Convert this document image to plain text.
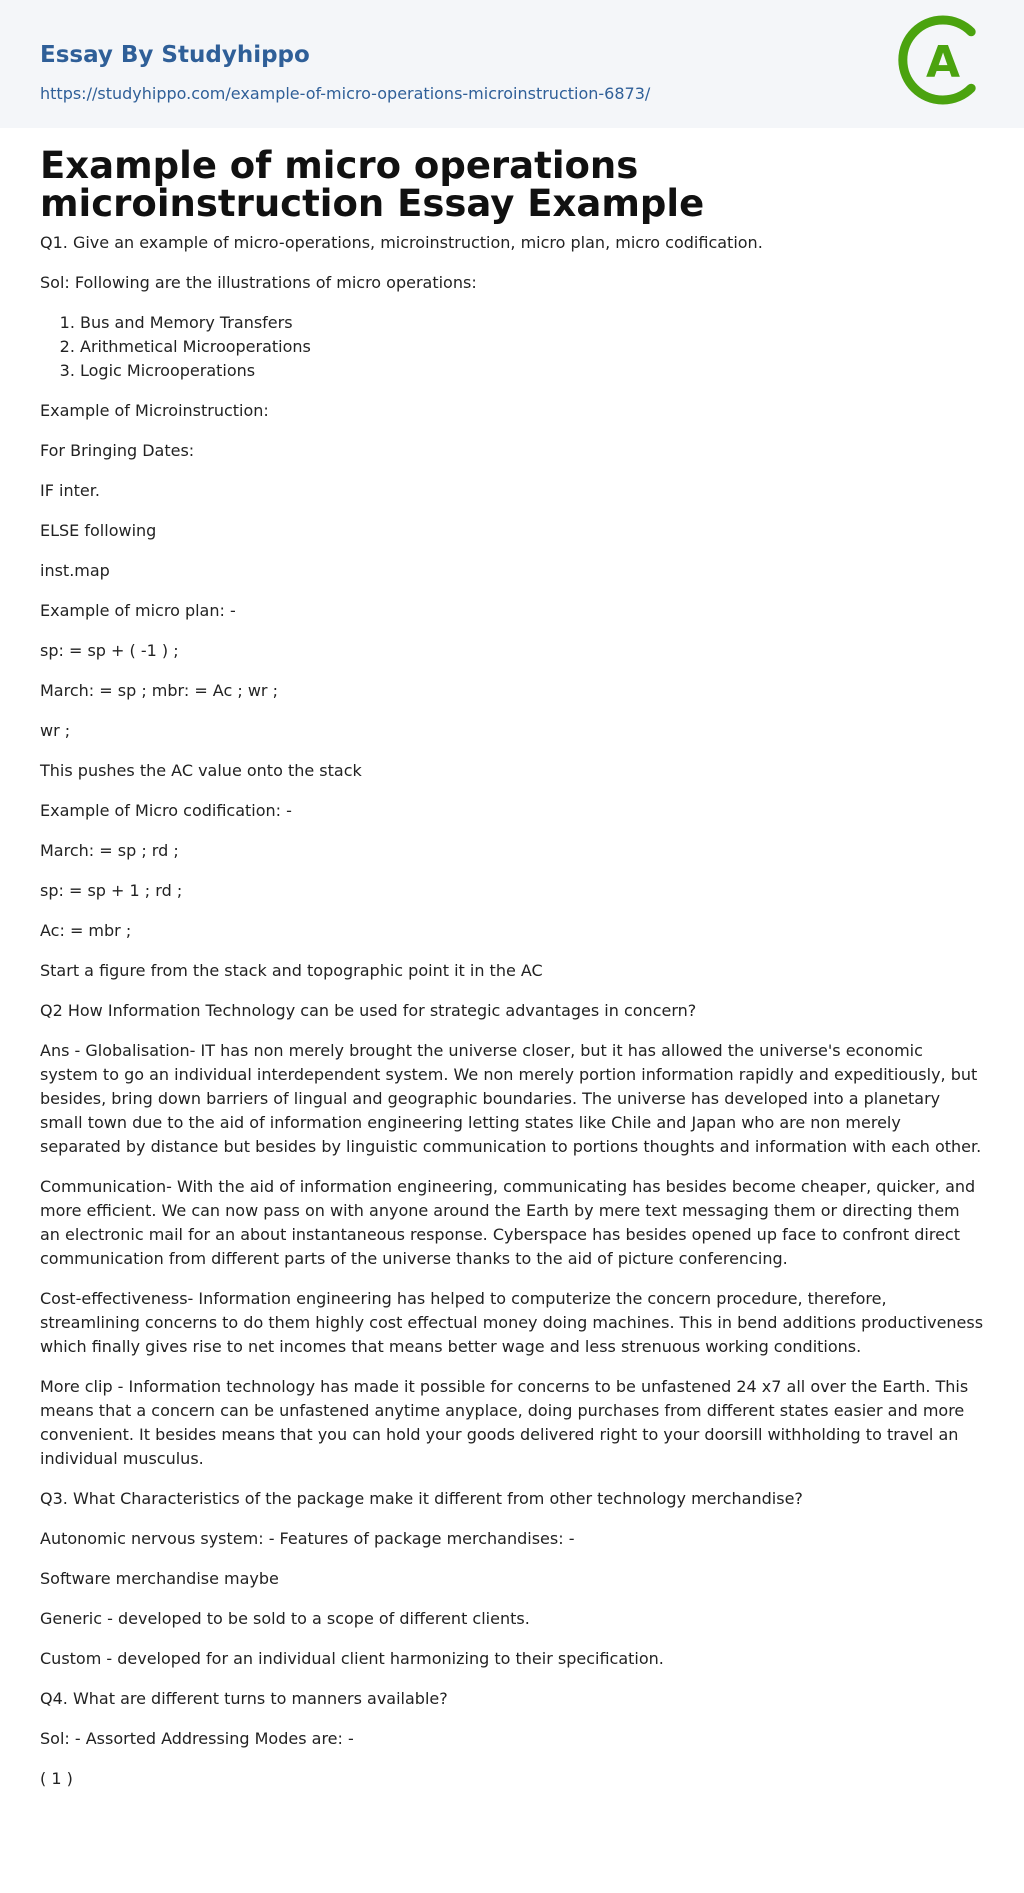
Essay By Studyhippo
https://studyhippo.com/example-of-micro-operations-microinstruction-6873/
A
Example of micro operations microinstruction Essay Example

Q1. Give an example of micro-operations, microinstruction, micro plan, micro codification.

Sol: Following are the illustrations of micro operations:

1. Bus and Memory Transfers
2. Arithmetical Microoperations
3. Logic Microoperations

Example of Microinstruction:

For Bringing Dates:

IF inter.

ELSE following

inst.map

Example of micro plan: -

sp: = sp + ( -1 ) ;

March: = sp ; mbr: = Ac ; wr ;

wr ;

This pushes the AC value onto the stack

Example of Micro codification: -

March: = sp ; rd ;

sp: = sp + 1 ; rd ;

Ac: = mbr ;

Start a figure from the stack and topographic point it in the AC

Q2 How Information Technology can be used for strategic advantages in concern?

Ans - Globalisation- IT has non merely brought the universe closer, but it has allowed the universe's economic system to go an individual interdependent system. We non merely portion information rapidly and expeditiously, but besides, bring down barriers of lingual and geographic boundaries. The universe has developed into a planetary small town due to the aid of information engineering letting states like Chile and Japan who are non merely separated by distance but besides by linguistic communication to portions thoughts and information with each other.

Communication- With the aid of information engineering, communicating has besides become cheaper, quicker, and more efficient. We can now pass on with anyone around the Earth by mere text messaging them or directing them an electronic mail for an about instantaneous response. Cyberspace has besides opened up face to confront direct communication from different parts of the universe thanks to the aid of picture conferencing.

Cost-effectiveness- Information engineering has helped to computerize the concern procedure, therefore, streamlining concerns to do them highly cost effectual money doing machines. This in bend additions productiveness which finally gives rise to net incomes that means better wage and less strenuous working conditions.

More clip - Information technology has made it possible for concerns to be unfastened 24 x7 all over the Earth. This means that a concern can be unfastened anytime anyplace, doing purchases from different states easier and more convenient. It besides means that you can hold your goods delivered right to your doorsill withholding to travel an individual musculus.

Q3. What Characteristics of the package make it different from other technology merchandise?

Autonomic nervous system: - Features of package merchandises: -

Software merchandise maybe

Generic - developed to be sold to a scope of different clients.

Custom - developed for an individual client harmonizing to their specification.

Q4. What are different turns to manners available?

Sol: - Assorted Addressing Modes are: -

( 1 )
